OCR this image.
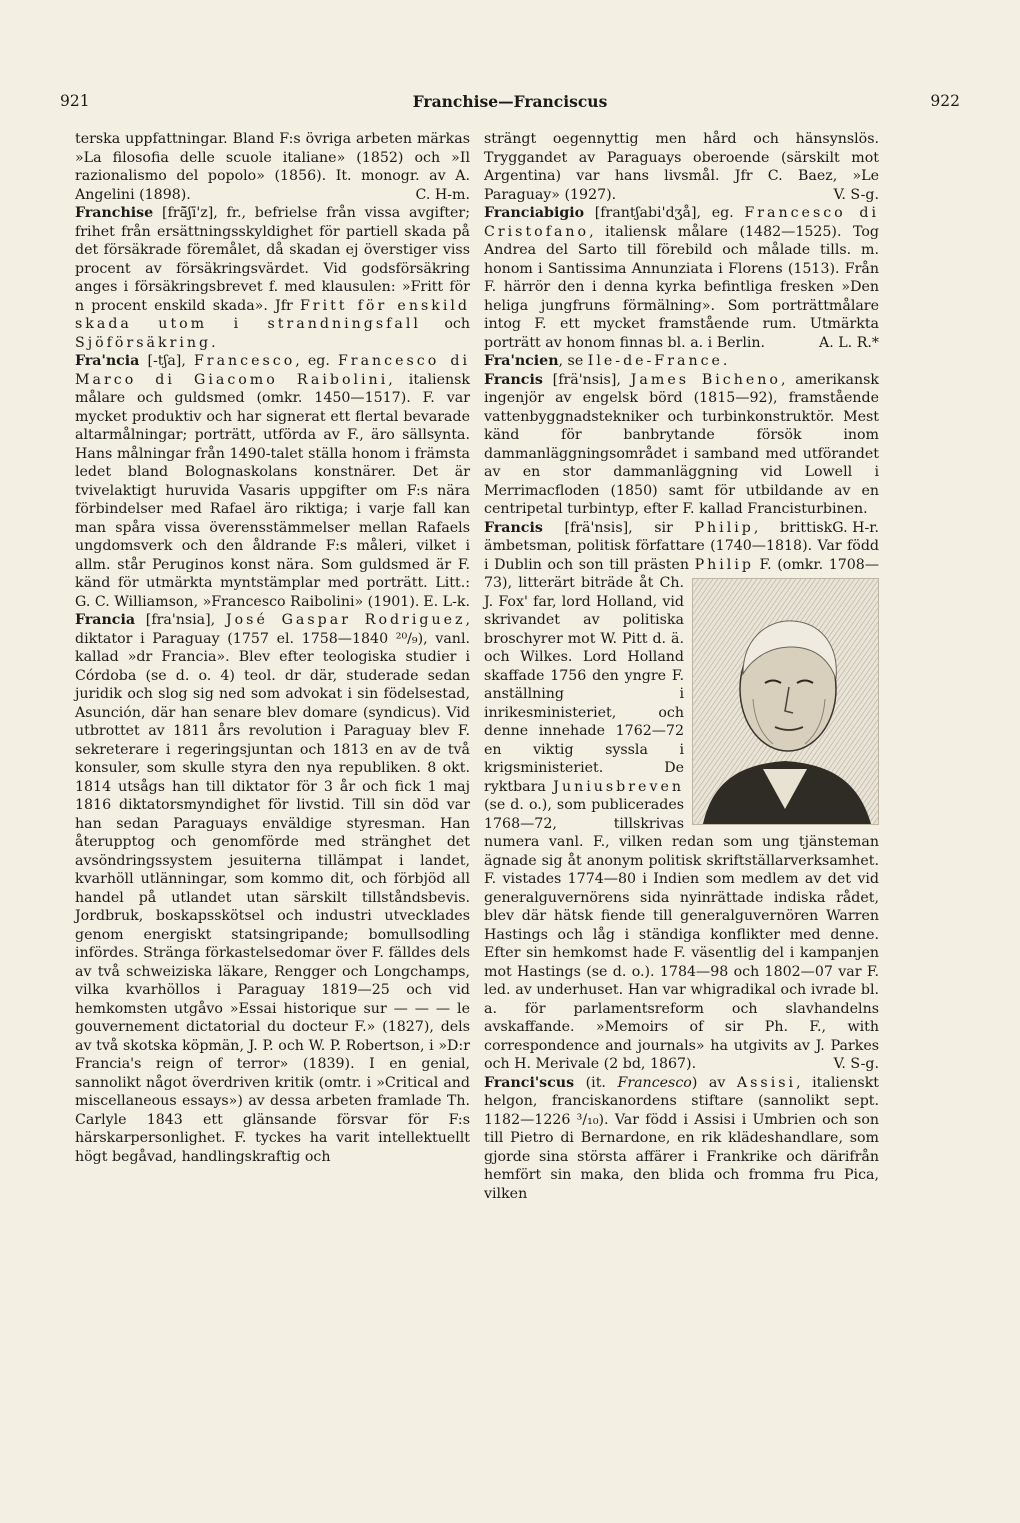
921	Franchise—Franciscus	922

terska uppfattningar. Bland F:s övriga arbeten märkas »La filosofia delle scuole italiane» (1852) och »Il razionalismo del popolo» (1856). It. monogr. av A. Angelini (1898).	C. H-m.

Franchise [frā̆ʃī'z], fr., befrielse från vissa avgifter; frihet från ersättningsskyldighet för partiell skada på det försäkrade föremålet, då skadan ej överstiger viss procent av försäkringsvärdet. Vid godsförsäkring anges i försäkringsbrevet f. med klausulen: »Fritt för n procent enskild skada». Jfr Fritt för enskild skada utom i strandningsfall och Sjöförsäkring.

Fra'ncia [-tʃa], Francesco, eg. Francesco di Marco di Giacomo Raibolini, italiensk målare och guldsmed (omkr. 1450—1517). F. var mycket produktiv och har signerat ett flertal bevarade altarmålningar; porträtt, utförda av F., äro sällsynta. Hans målningar från 1490-talet ställa honom i främsta ledet bland Bolognaskolans konstnärer. Det är tvivelaktigt huruvida Vasaris uppgifter om F:s nära förbindelser med Rafael äro riktiga; i varje fall kan man spåra vissa överensstämmelser mellan Rafaels ungdomsverk och den åldrande F:s måleri, vilket i allm. står Peruginos konst nära. Som guldsmed är F. känd för utmärkta myntstämplar med porträtt. Litt.: G. C. Williamson, »Francesco Raibolini» (1901). E. L-k.

Francia [fra'nsia], José Gaspar Rodriguez, diktator i Paraguay (1757 el. 1758—1840 ²⁰/₉), vanl. kallad »dr Francia». Blev efter teologiska studier i Córdoba (se d. o. 4) teol. dr där, studerade sedan juridik och slog sig ned som advokat i sin födelsestad, Asunción, där han senare blev domare (syndicus). Vid utbrottet av 1811 års revolution i Paraguay blev F. sekreterare i regeringsjuntan och 1813 en av de två konsuler, som skulle styra den nya republiken. 8 okt. 1814 utsågs han till diktator för 3 år och fick 1 maj 1816 diktatorsmyndighet för livstid. Till sin död var han sedan Paraguays enväldige styresman. Han återupptog och genomförde med stränghet det avsöndringssystem jesuiterna tillämpat i landet, kvarhöll utlänningar, som kommo dit, och förbjöd all handel på utlandet utan särskilt tillståndsbevis. Jordbruk, boskapsskötsel och industri utvecklades genom energiskt statsingripande; bomullsodling infördes. Stränga förkastelsedomar över F. fälldes dels av två schweiziska läkare, Rengger och Longchamps, vilka kvarhöllos i Paraguay 1819—25 och vid hemkomsten utgåvo »Essai historique sur — — — le gouvernement dictatorial du docteur F.» (1827), dels av två skotska köpmän, J. P. och W. P. Robertson, i »D:r Francia's reign of terror» (1839). I en genial, sannolikt något överdriven kritik (omtr. i »Critical and miscellaneous essays») av dessa arbeten framlade Th. Carlyle 1843 ett glänsande försvar för F:s härskarpersonlighet. F. tyckes ha varit intellektuellt högt begåvad, handlingskraftig och

strängt oegennyttig men hård och hänsynslös. Tryggandet av Paraguays oberoende (särskilt mot Argentina) var hans livsmål. Jfr C. Baez, »Le Paraguay» (1927).	V. S-g.

Franciabigio [frantʃabi'dʒå], eg. Francesco di Cristofano, italiensk målare (1482—1525). Tog Andrea del Sarto till förebild och målade tills. m. honom i Santissima Annunziata i Florens (1513). Från F. härrör den i denna kyrka befintliga fresken »Den heliga jungfruns förmälning». Som porträttmålare intog F. ett mycket framstående rum. Utmärkta porträtt av honom finnas bl. a. i Berlin.	A. L. R.*

Fra'ncien, se Ile-de-France.

Francis [frä'nsis], James Bicheno, amerikansk ingenjör av engelsk börd (1815—92), framstående vattenbyggnadstekniker och turbinkonstruktör. Mest känd för banbrytande försök inom dammanläggningsområdet i samband med utförandet av en stor dammanläggning vid Lowell i Merrimacfloden (1850) samt för utbildande av en centripetal turbintyp, efter F. kallad Francisturbinen.
G. H-r.

Francis [frä'nsis], sir Philip, brittisk ämbetsman, politisk författare (1740—1818). Var född i Dublin och son till prästen Philip
F. (omkr. 1708—73), litterärt biträde åt Ch. J. Fox' far, lord Holland, vid skrivandet av politiska broschyrer mot W. Pitt d. ä. och Wilkes. Lord Holland skaffade 1756 den yngre F. anställning i inrikesministeriet, och denne innehade 1762—72 en viktig syssla i krigsministeriet. De ryktbara Juniusbreven (se d. o.), som publicerades 1768—72, tillskrivas numera vanl. F., vilken redan som ung tjänsteman ägnade sig åt anonym politisk skriftställarverksamhet. F. vistades 1774—80 i Indien som medlem av det vid generalguvernörens sida nyinrättade indiska rådet, blev där hätsk fiende till generalguvernören Warren Hastings och låg i ständiga konflikter med denne. Efter sin hemkomst hade F. väsentlig del i kampanjen mot Hastings (se d. o.). 1784—98 och 1802—07 var F. led. av underhuset. Han var whigradikal och ivrade bl. a. för parlamentsreform och slavhandelns avskaffande. »Memoirs of sir Ph. F., with correspondence and journals» ha utgivits av J. Parkes och H. Merivale (2 bd, 1867).	V. S-g.

Franci'scus (it. Francesco) av Assisi, italienskt helgon, franciskanordens stiftare (sannolikt sept. 1182—1226 ³/₁₀). Var född i Assisi i Umbrien och son till Pietro di Bernardone, en rik klädeshandlare, som gjorde sina största affärer i Frankrike och därifrån hemfört sin maka, den blida och fromma fru Pica, vilken
